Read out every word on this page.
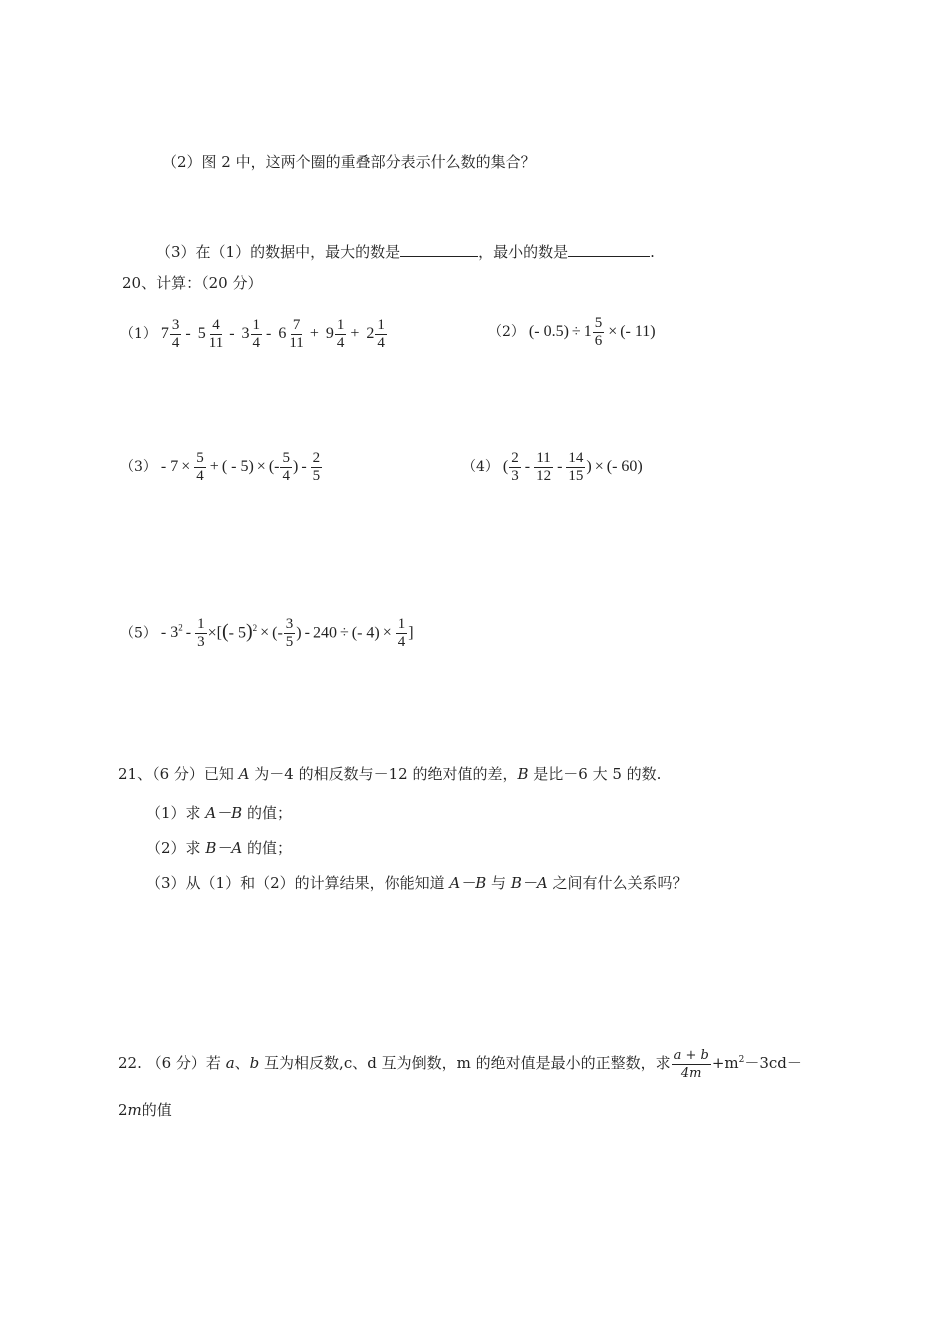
（2）图 2 中，这两个圈的重叠部分表示什么数的集合？
（3）在（1）的数据中，最大的数是	，最小的数是	.
20、计算：（20 分）
（1） $7 \frac{3}{4} - 5 \frac{4}{11} - 3 \frac{1}{4} - 6 \frac{7}{11} + 9 \frac{1}{4} + 2 \frac{1}{4}$	（2） (- $0.5) \div 1 \frac{5}{6}$ × (- 11)
$(3) - 7 \times \frac{5}{4}$ + ( - 5) × (- $\frac{5}{4}$ ) - $\frac{2}{5}$	（4） ( $\frac{2}{3} - \frac{11}{12} - \frac{14}{15}$ ) × (- 60)
$(5) - 3^2 - \frac{1}{3}$ ×[(- 5)$^2$ × (- $\frac{3}{5}$ ) - 240 ÷ (- $4) \times \frac{1}{4}$ ]
21、（6 分）已知 A 为－4 的相反数与－12 的绝对值的差，B 是比－6 大 5 的数.
（1）求 A－B 的值；
（2）求 B－A 的值；
（3）从（1）和（2）的计算结果，你能知道 A－B 与 B－A 之间有什么关系吗？
22. （6 分）若 a、b 互为相反数,c、d 互为倒数，m 的绝对值是最小的正整数，求 $\frac{a + b}{4m} +m^2-3cd-$
2m的值
